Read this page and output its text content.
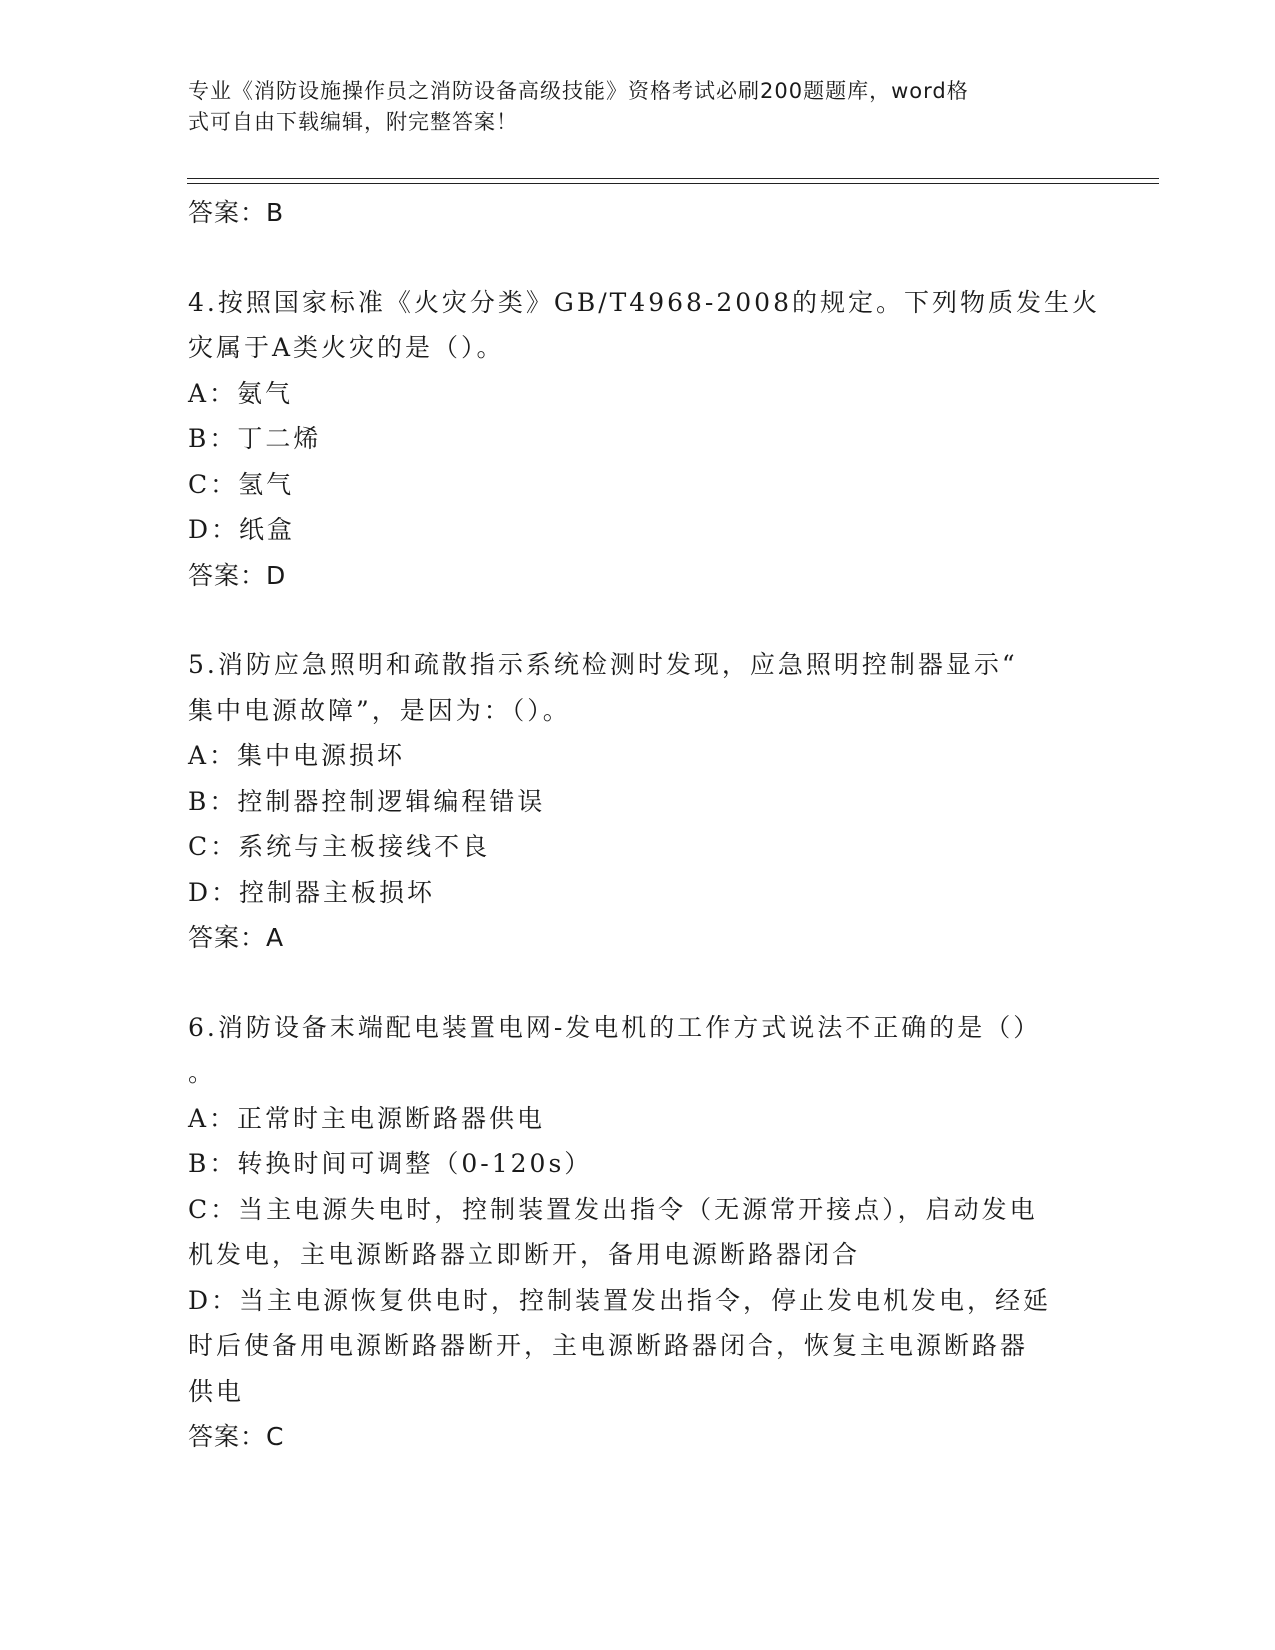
专业《消防设施操作员之消防设备高级技能》资格考试必刷200题题库，word格
式可自由下载编辑，附完整答案！
答案：B
4.按照国家标准《火灾分类》GB/T4968-2008的规定。下列物质发生火
灾属于A类火灾的是（）。
A：氨气
B：丁二烯
C：氢气
D：纸盒
答案：D
5.消防应急照明和疏散指示系统检测时发现，应急照明控制器显示“
集中电源故障”，是因为：（）。
A：集中电源损坏
B：控制器控制逻辑编程错误
C：系统与主板接线不良
D：控制器主板损坏
答案：A
6.消防设备末端配电装置电网-发电机的工作方式说法不正确的是（）
。
A：正常时主电源断路器供电
B：转换时间可调整（0-120s）
C：当主电源失电时，控制装置发出指令（无源常开接点），启动发电
机发电，主电源断路器立即断开，备用电源断路器闭合
D：当主电源恢复供电时，控制装置发出指令，停止发电机发电，经延
时后使备用电源断路器断开，主电源断路器闭合，恢复主电源断路器
供电
答案：C
